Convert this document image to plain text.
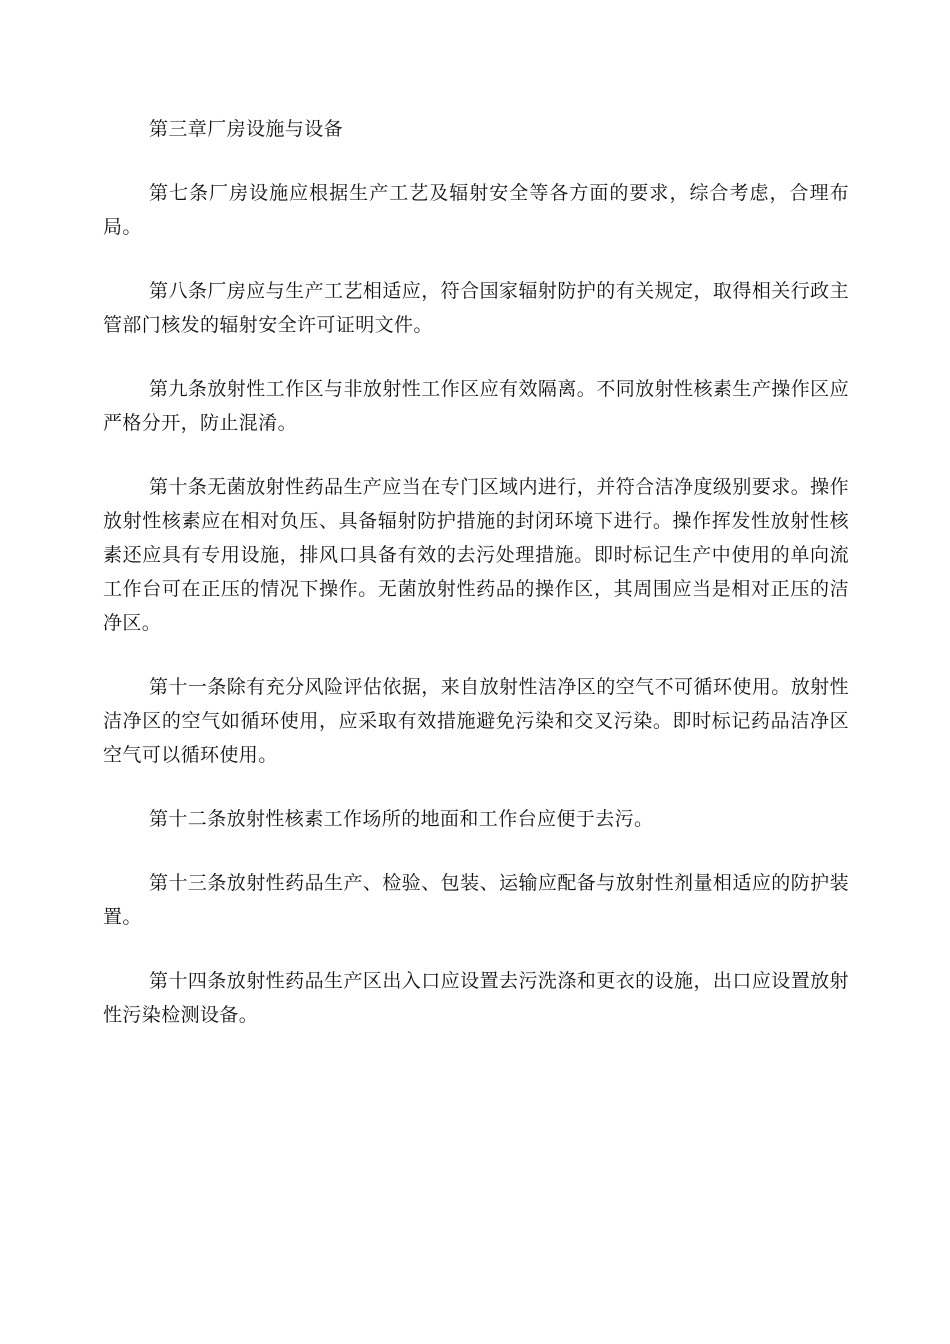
第三章厂房设施与设备

第七条厂房设施应根据生产工艺及辐射安全等各方面的要求，综合考虑，合理布局。

第八条厂房应与生产工艺相适应，符合国家辐射防护的有关规定，取得相关行政主管部门核发的辐射安全许可证明文件。

第九条放射性工作区与非放射性工作区应有效隔离。不同放射性核素生产操作区应严格分开，防止混淆。

第十条无菌放射性药品生产应当在专门区域内进行，并符合洁净度级别要求。操作放射性核素应在相对负压、具备辐射防护措施的封闭环境下进行。操作挥发性放射性核素还应具有专用设施，排风口具备有效的去污处理措施。即时标记生产中使用的单向流工作台可在正压的情况下操作。无菌放射性药品的操作区，其周围应当是相对正压的洁净区。

第十一条除有充分风险评估依据，来自放射性洁净区的空气不可循环使用。放射性洁净区的空气如循环使用，应采取有效措施避免污染和交叉污染。即时标记药品洁净区空气可以循环使用。

第十二条放射性核素工作场所的地面和工作台应便于去污。

第十三条放射性药品生产、检验、包装、运输应配备与放射性剂量相适应的防护装置。

第十四条放射性药品生产区出入口应设置去污洗涤和更衣的设施，出口应设置放射性污染检测设备。
